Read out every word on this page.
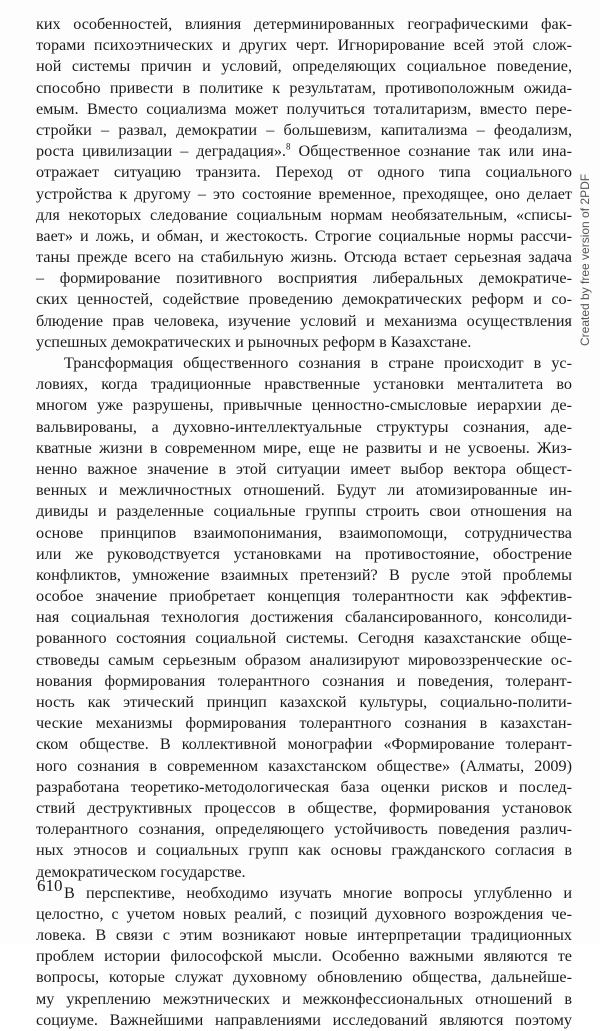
ких особенностей, влияния детерминированных географическими фак-
торами психоэтнических и других черт. Игнорирование всей этой слож-
ной системы причин и условий, определяющих социальное поведение,
способно привести в политике к результатам, противоположным ожида-
емым. Вместо социализма может получиться тоталитаризм, вместо пере-
стройки – развал, демократии – большевизм, капитализма – феодализм,
роста цивилизации – деградация».$^8$ Общественное сознание так или ина-
отражает ситуацию транзита. Переход от одного типа социального
устройства к другому – это состояние временное, преходящее, оно делает
для некоторых следование социальным нормам необязательным, «списы-
вает» и ложь, и обман, и жестокость. Строгие социальные нормы рассчи-
таны прежде всего на стабильную жизнь. Отсюда встает серьезная задача
– формирование позитивного восприятия либеральных демократиче-
ских ценностей, содействие проведению демократических реформ и со-
блюдение прав человека, изучение условий и механизма осуществления
успешных демократических и рыночных реформ в Казахстане.
Трансформация общественного сознания в стране происходит в ус-
ловиях, когда традиционные нравственные установки менталитета во
многом уже разрушены, привычные ценностно-смысловые иерархии де-
вальвированы, а духовно-интеллектуальные структуры сознания, аде-
кватные жизни в современном мире, еще не развиты и не усвоены. Жиз-
ненно важное значение в этой ситуации имеет выбор вектора общест-
венных и межличностных отношений. Будут ли атомизированные ин-
дивиды и разделенные социальные группы строить свои отношения на
основе принципов взаимопонимания, взаимопомощи, сотрудничества
или же руководствуется установками на противостояние, обострение
конфликтов, умножение взаимных претензий? В русле этой проблемы
особое значение приобретает концепция толерантности как эффектив-
ная социальная технология достижения сбалансированного, консолиди-
рованного состояния социальной системы. Сегодня казахстанские обще-
ствоведы самым серьезным образом анализируют мировоззренческие ос-
нования формирования толерантного сознания и поведения, толерант-
ность как этический принцип казахской культуры, социально-полити-
ческие механизмы формирования толерантного сознания в казахстан-
ском обществе. В коллективной монографии «Формирование толерант-
ного сознания в современном казахстанском обществе» (Алматы, 2009)
разработана теоретико-методологическая база оценки рисков и послед-
ствий деструктивных процессов в обществе, формирования установок
толерантного сознания, определяющего устойчивость поведения различ-
ных этносов и социальных групп как основы гражданского согласия в
демократическом государстве.
В перспективе, необходимо изучать многие вопросы углубленно и
целостно, с учетом новых реалий, с позиций духовного возрождения че-
ловека. В связи с этим возникают новые интерпретации традиционных
проблем истории философской мысли. Особенно важными являются те
вопросы, которые служат духовному обновлению общества, дальнейше-
му укреплению межэтнических и межконфессиональных отношений в
социуме. Важнейшими направлениями исследований являются поэтому
610
Created by free version of 2PDF
